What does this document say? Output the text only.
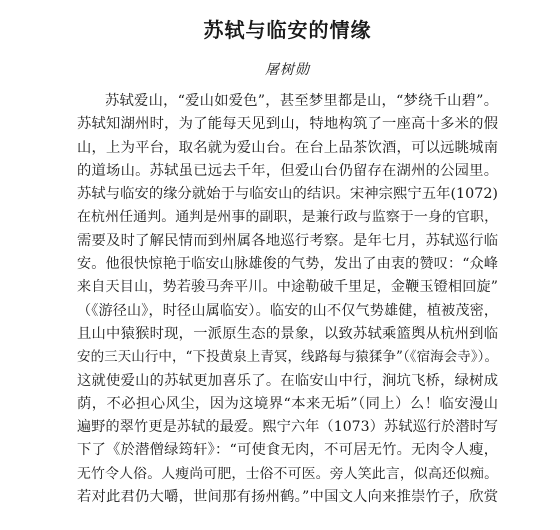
苏轼与临安的情缘
屠树勋
苏轼爱山，“爱山如爱色”，甚至梦里都是山，“梦绕千山碧”。
苏轼知湖州时，为了能每天见到山，特地构筑了一座高十多米的假
山，上为平台，取名就为爱山台。在台上品茶饮酒，可以远眺城南
的道场山。苏轼虽已远去千年，但爱山台仍留存在湖州的公园里。
苏轼与临安的缘分就始于与临安山的结识。宋神宗熙宁五年(1072)
在杭州任通判。通判是州事的副职，是兼行政与监察于一身的官职，
需要及时了解民情而到州属各地巡行考察。是年七月，苏轼巡行临
安。他很快惊艳于临安山脉雄俊的气势，发出了由衷的赞叹：“众峰
来自天目山，势若骏马奔平川。中途勒破千里足，金鞭玉镫相回旋”
（《游径山》，时径山属临安）。临安的山不仅气势雄健，植被茂密，
且山中猿猴时现，一派原生态的景象，以致苏轼乘篮舆从杭州到临
安的三天山行中，“下投黄泉上青冥，线路每与猿猱争”（《宿海会寺》）。
这就使爱山的苏轼更加喜乐了。在临安山中行，涧坑飞桥，绿树成
荫，不必担心风尘，因为这境界“本来无垢”（同上）么！临安漫山
遍野的翠竹更是苏轼的最爱。熙宁六年（1073）苏轼巡行於潜时写
下了《於潜僧绿筠轩》：“可使食无肉，不可居无竹。无肉令人瘦，
无竹令人俗。人瘦尚可肥，士俗不可医。旁人笑此言，似高还似痴。
若对此君仍大嚼，世间那有扬州鹤。”中国文人向来推崇竹子，欣赏
